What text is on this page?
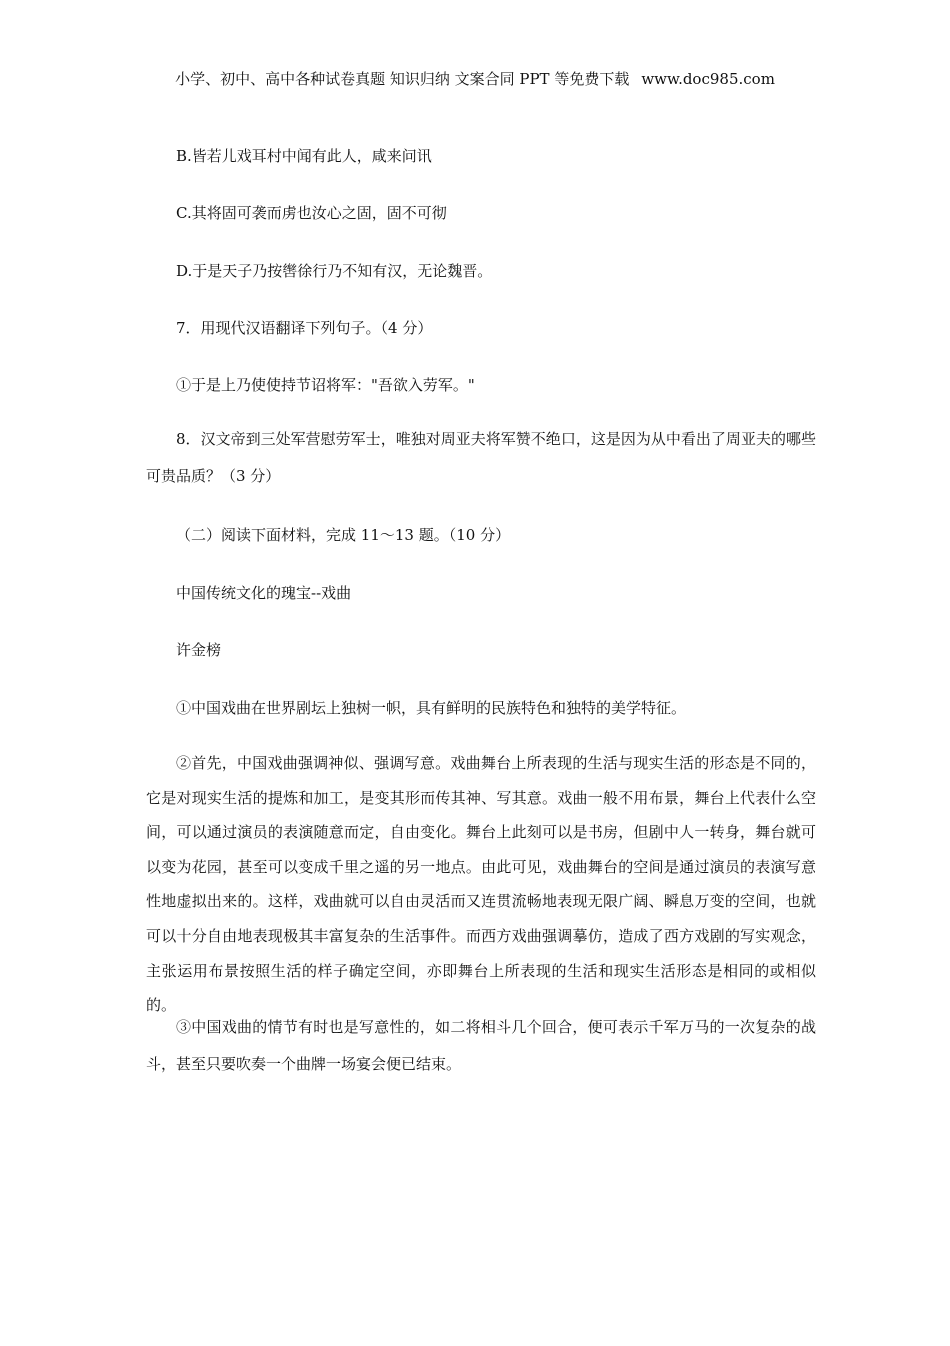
小学、初中、高中各种试卷真题 知识归纳 文案合同 PPT 等免费下载 www.doc985.com
B.皆若儿戏耳村中闻有此人，咸来问讯
C.其将固可袭而虏也汝心之固，固不可彻
D.于是天子乃按辔徐行乃不知有汉，无论魏晋。
7．用现代汉语翻译下列句子。（4 分）
①于是上乃使使持节诏将军："吾欲入劳军。"
8．汉文帝到三处军营慰劳军士，唯独对周亚夫将军赞不绝口，这是因为从中看出了周亚夫的哪些可贵品质？（3 分）
（二）阅读下面材料，完成 11～13 题。（10 分）
中国传统文化的瑰宝--戏曲
许金榜
①中国戏曲在世界剧坛上独树一帜，具有鲜明的民族特色和独特的美学特征。
②首先，中国戏曲强调神似、强调写意。戏曲舞台上所表现的生活与现实生活的形态是不同的，它是对现实生活的提炼和加工，是变其形而传其神、写其意。戏曲一般不用布景，舞台上代表什么空间，可以通过演员的表演随意而定，自由变化。舞台上此刻可以是书房，但剧中人一转身，舞台就可以变为花园，甚至可以变成千里之遥的另一地点。由此可见，戏曲舞台的空间是通过演员的表演写意性地虚拟出来的。这样，戏曲就可以自由灵活而又连贯流畅地表现无限广阔、瞬息万变的空间，也就可以十分自由地表现极其丰富复杂的生活事件。而西方戏曲强调摹仿，造成了西方戏剧的写实观念，主张运用布景按照生活的样子确定空间，亦即舞台上所表现的生活和现实生活形态是相同的或相似的。
③中国戏曲的情节有时也是写意性的，如二将相斗几个回合，便可表示千军万马的一次复杂的战斗，甚至只要吹奏一个曲牌一场宴会便已结束。
